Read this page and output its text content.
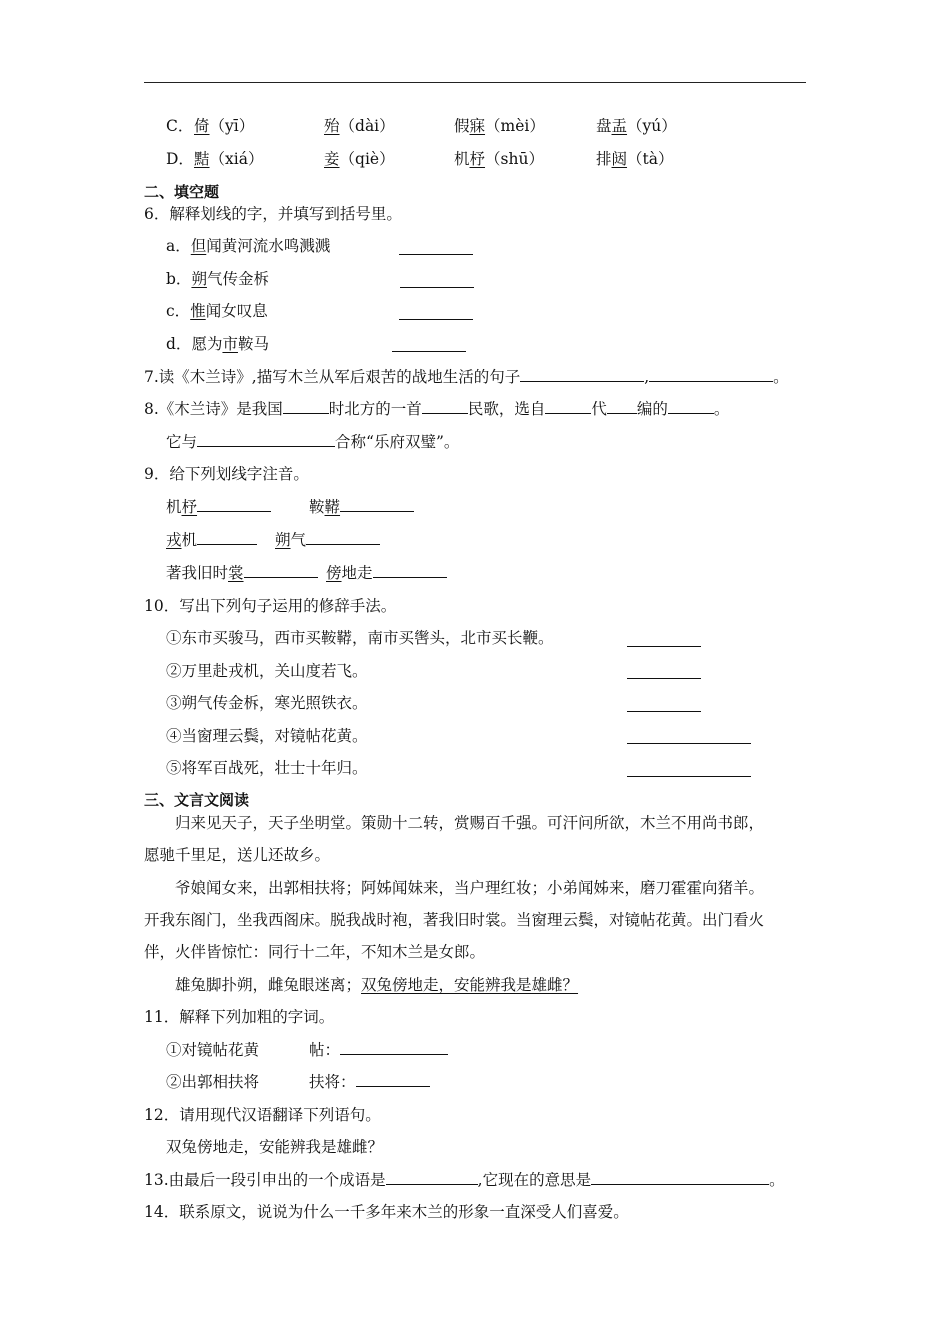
C． 倚（yī）	殆（dài）	假寐（mèi）	盘盂（yú）
D． 黠（xiá）	妾（qiè）	机杼（shū）	排闼（tà）
二、填空题
6．解释划线的字，并填写到括号里。
a．但闻黄河流水鸣溅溅
b．朔气传金柝
c．惟闻女叹息
d．愿为市鞍马
7.读《木兰诗》,描写木兰从军后艰苦的战地生活的句子	,	。
8.《木兰诗》是我国	时北方的一首	民歌，选自	代 编的	。
它与	合称“乐府双璧”。
9．给下列划线字注音。
机杼	鞍鞯
戎机	朔气
著我旧时裳	傍地走
10．写出下列句子运用的修辞手法。
①东市买骏马，西市买鞍鞯，南市买辔头，北市买长鞭。
②万里赴戎机，关山度若飞。
③朔气传金柝，寒光照铁衣。
④当窗理云鬓，对镜帖花黄。
⑤将军百战死，壮士十年归。
三、文言文阅读
归来见天子，天子坐明堂。策勋十二转，赏赐百千强。可汗问所欲，木兰不用尚书郎，
愿驰千里足，送儿还故乡。
爷娘闻女来，出郭相扶将；阿姊闻妹来，当户理红妆；小弟闻姊来，磨刀霍霍向猪羊。
开我东阁门，坐我西阁床。脱我战时袍，著我旧时裳。当窗理云鬓，对镜帖花黄。出门看火
伴，火伴皆惊忙：同行十二年，不知木兰是女郎。
雄兔脚扑朔，雌兔眼迷离；双兔傍地走，安能辨我是雄雌？
11．解释下列加粗的字词。
①对镜帖花黄	帖：
②出郭相扶将	扶将：
12．请用现代汉语翻译下列语句。
双兔傍地走，安能辨我是雄雌？
13.由最后一段引申出的一个成语是	,它现在的意思是	。
14．联系原文，说说为什么一千多年来木兰的形象一直深受人们喜爱。
